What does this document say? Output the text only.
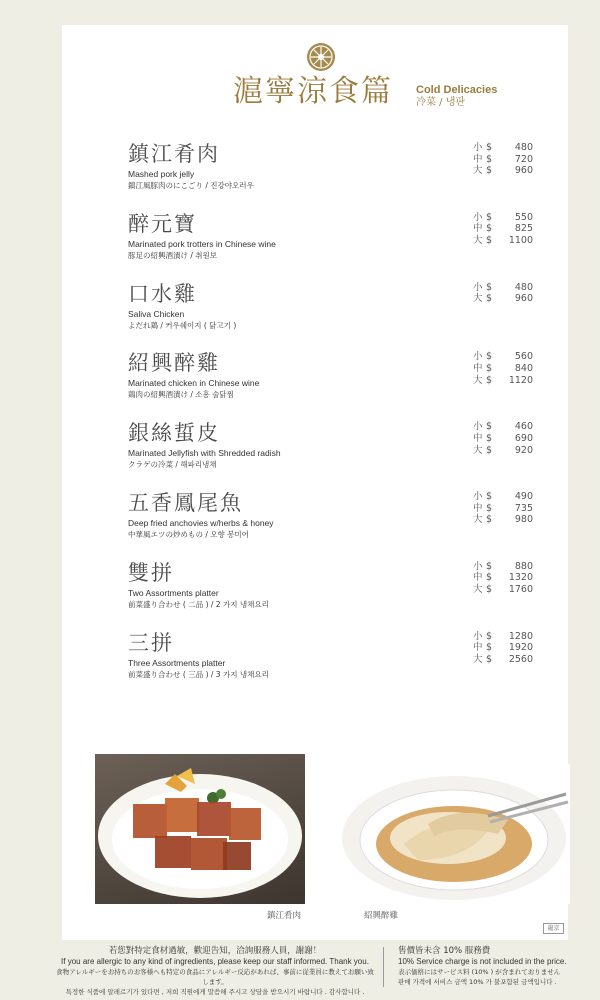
滬寧涼食篇 Cold Delicacies
冷菜 / 냉판
鎮江肴肉
Mashed pork jelly
鎮江風豚肉のにこごり / 진강야오러우
小 $ 480
中 $ 720
大 $ 960
醉元寶
Marinated pork trotters in Chinese wine
豚足の紹興酒漬け / 취원보
小 $ 550
中 $ 825
大 $ 1100
口水雞
Saliva Chicken
よだれ鶏 / 커우쉐이지 ( 닭고기 )
小 $ 480
大 $ 960
紹興醉雞
Marinated chicken in Chinese wine
鶏肉の紹興酒漬け / 소흥 술닭찜
小 $ 560
中 $ 840
大 $ 1120
銀絲蜇皮
Marinated Jellyfish with Shredded radish
クラゲの冷菜 / 해파리냉채
小 $ 460
中 $ 690
大 $ 920
五香鳳尾魚
Deep fried anchovies w/herbs & honey
中華風エツの炒めもの / 오향 봉미어
小 $ 490
中 $ 735
大 $ 980
雙拼
Two Assortments platter
前菜盛り合わせ ( 二品 ) / 2 가지 냉채요리
小 $ 880
中 $ 1320
大 $ 1760
三拼
Three Assortments platter
前菜盛り合わせ ( 三品 ) / 3 가지 냉채요리
小 $ 1280
中 $ 1920
大 $ 2560
鎮江肴肉	紹興醉雞
龍京
若您對特定食材過敏，歡迎告知，洽詢服務人員，謝謝！
If you are allergic to any kind of ingredients, please keep our staff informed. Thank you.
食物アレルギーをお持ちのお客様へも特定の食品にアレルギー反応があれば、事前に従業員に教えてお願い致します。
특정한 식품에 알레르기가 있다면 , 저희 직원에게 말씀해 주시고 상담을 받으시기 바랍니다 . 감사합니다 .
售價皆未含 10% 服務費
10% Service charge is not included in the price.
表示価格にはサービス料 (10% ) が含まれておりません
판매 가격에 서비스 금액 10% 가 불포함된 금액입니다 .
